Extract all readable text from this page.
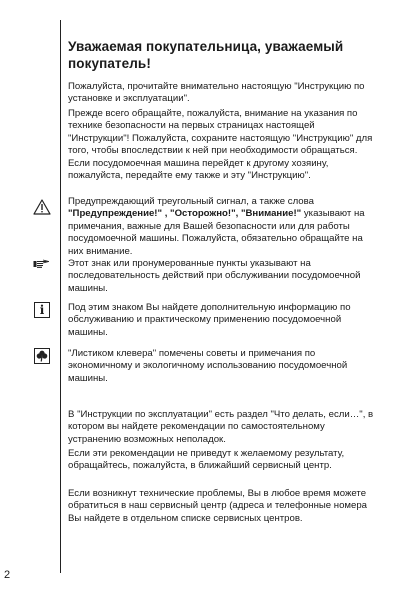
Уважаемая покупательница, уважаемый покупатель!

Пожалуйста, прочитайте внимательно настоящую "Инструкцию по установке и эксплуатации".

Прежде всего обращайте, пожалуйста, внимание на указания по технике безопасности на первых страницах настоящей "Инструкции"! Пожалуйста, сохраните настоящую "Инструкцию" для того, чтобы впоследствии к ней при необходимости обращаться. Если посудомоечная машина перейдет к другому хозяину, пожалуйста, передайте ему также и эту "Инструкцию".

Предупреждающий треугольный сигнал, а также слова "Предупреждение!" , "Осторожно!", "Внимание!" указывают на примечания, важные для Вашей безопасности или для работы посудомоечной машины. Пожалуйста, обязательно обращайте на них внимание.

Этот знак или пронумерованные пункты указывают на последовательность действий при обслуживании посудомоечной машины.

i	Под этим знаком Вы найдете дополнительную информацию по обслуживанию и практическому применению посудомоечной машины.

"Листиком клевера" помечены советы и примечания по экономичному и экологичному использованию посудомоечной машины.

В "Инструкции по эксплуатации" есть раздел "Что делать, если…", в котором вы найдете рекомендации по самостоятельному устранению возможных неполадок.

Если эти рекомендации не приведут к желаемому результату, обращайтесь, пожалуйста, в ближайший сервисный центр.

Если возникнут технические проблемы, Вы в любое время можете обратиться в наш сервисный центр (адреса и телефонные номера Вы найдете в отдельном списке сервисных центров.

2
